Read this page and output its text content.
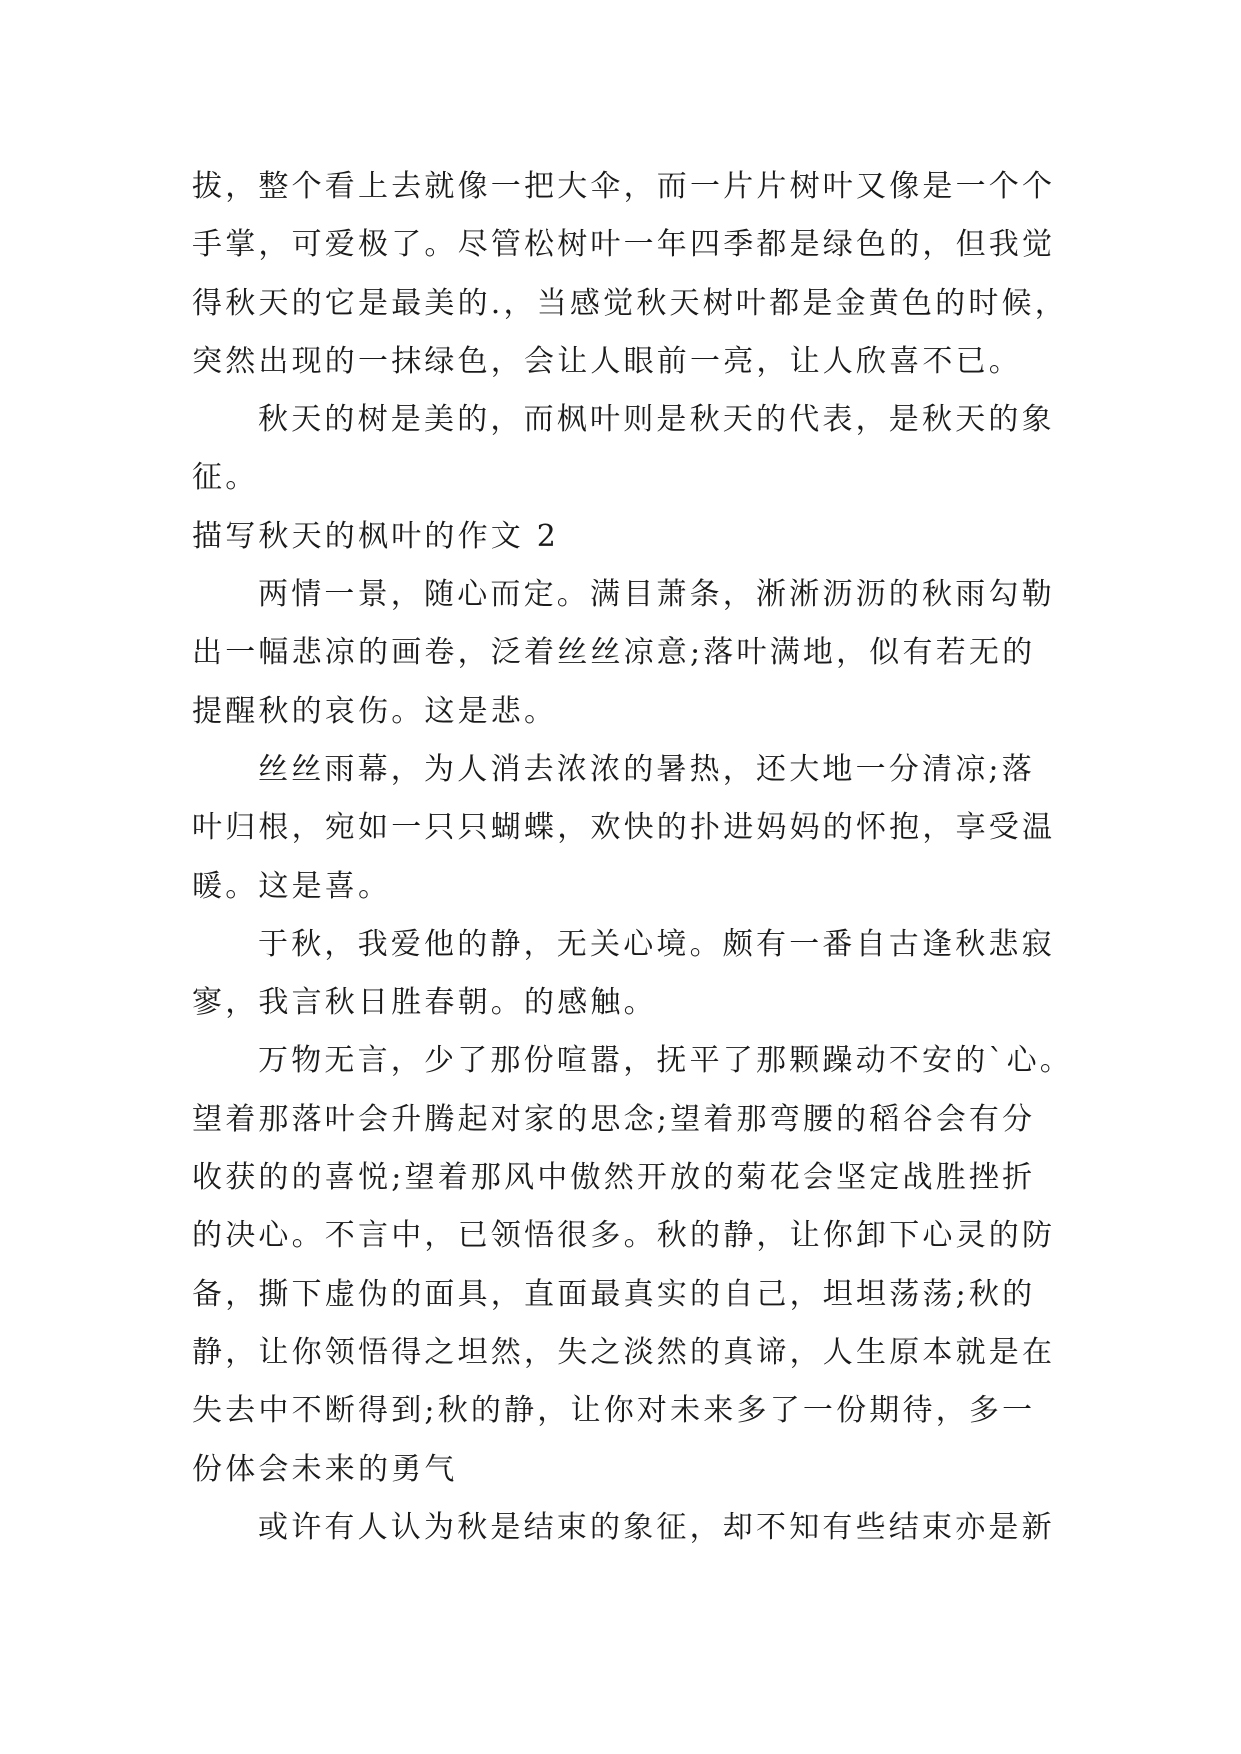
拔，整个看上去就像一把大伞，而一片片树叶又像是一个个
手掌，可爱极了。尽管松树叶一年四季都是绿色的，但我觉
得秋天的它是最美的.，当感觉秋天树叶都是金黄色的时候，
突然出现的一抹绿色，会让人眼前一亮，让人欣喜不已。
秋天的树是美的，而枫叶则是秋天的代表，是秋天的象
征。
描写秋天的枫叶的作文 2
两情一景，随心而定。满目萧条，淅淅沥沥的秋雨勾勒
出一幅悲凉的画卷，泛着丝丝凉意;落叶满地，似有若无的
提醒秋的哀伤。这是悲。
丝丝雨幕，为人消去浓浓的暑热，还大地一分清凉;落
叶归根，宛如一只只蝴蝶，欢快的扑进妈妈的怀抱，享受温
暖。这是喜。
于秋，我爱他的静，无关心境。颇有一番自古逢秋悲寂
寥，我言秋日胜春朝。的感触。
万物无言，少了那份喧嚣，抚平了那颗躁动不安的`心。
望着那落叶会升腾起对家的思念;望着那弯腰的稻谷会有分
收获的的喜悦;望着那风中傲然开放的菊花会坚定战胜挫折
的决心。不言中，已领悟很多。秋的静，让你卸下心灵的防
备，撕下虚伪的面具，直面最真实的自己，坦坦荡荡;秋的
静，让你领悟得之坦然，失之淡然的真谛，人生原本就是在
失去中不断得到;秋的静，让你对未来多了一份期待，多一
份体会未来的勇气
或许有人认为秋是结束的象征，却不知有些结束亦是新
